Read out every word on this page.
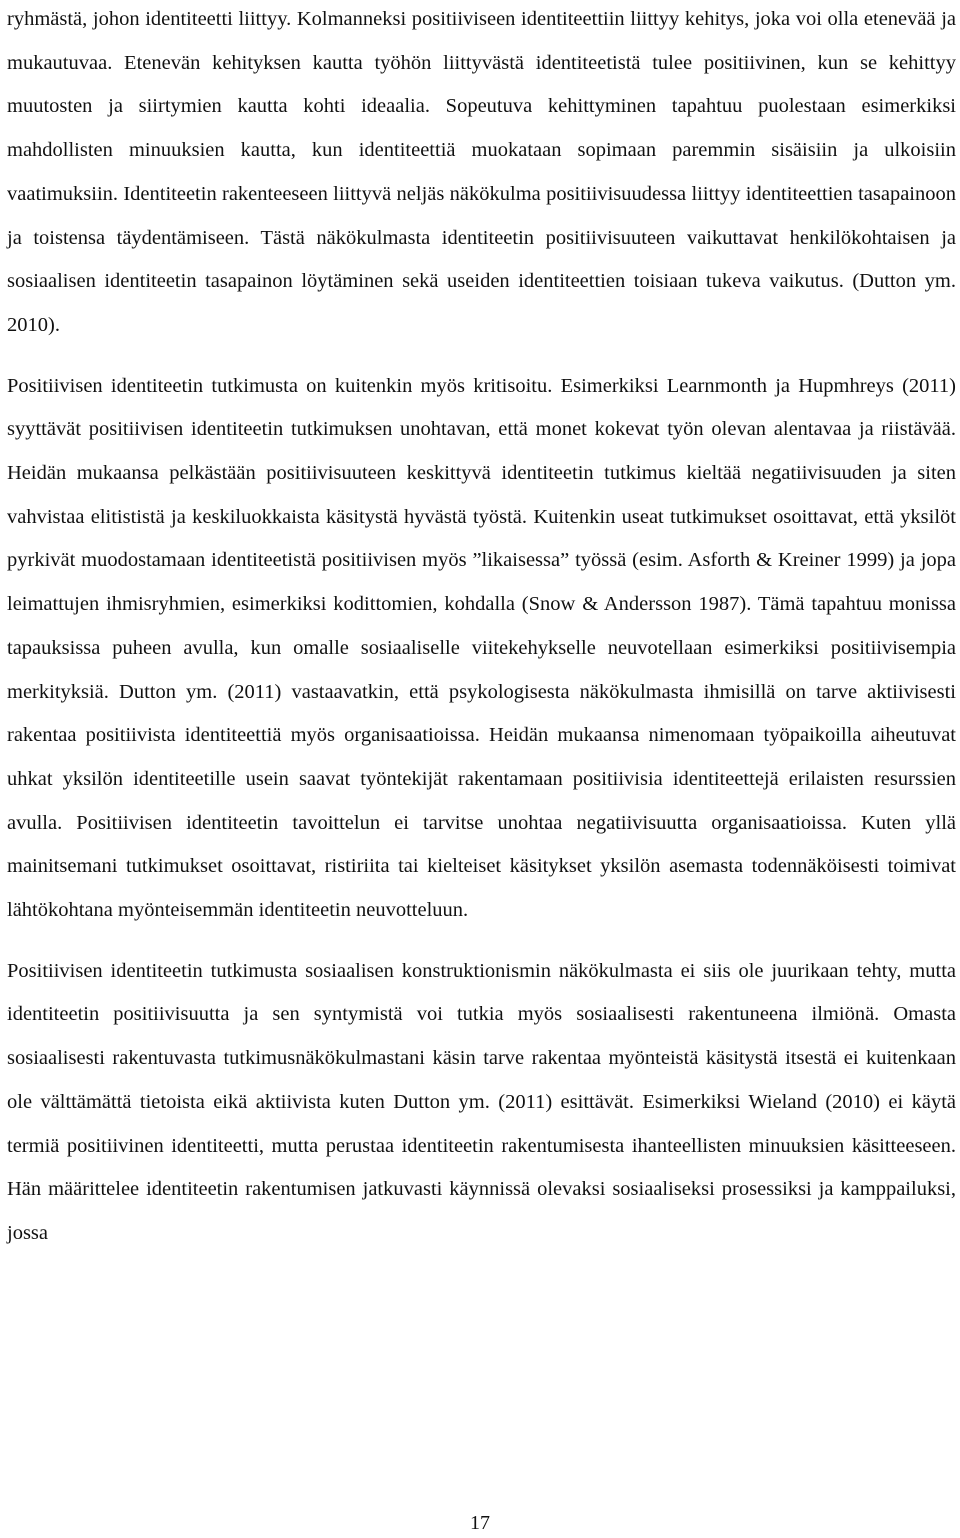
ryhmästä, johon identiteetti liittyy. Kolmanneksi positiiviseen identiteettiin liittyy kehitys, joka voi olla etenevää ja mukautuvaa. Etenevän kehityksen kautta työhön liittyvästä identiteetistä tulee positiivinen, kun se kehittyy muutosten ja siirtymien kautta kohti ideaalia. Sopeutuva kehittyminen tapahtuu puolestaan esimerkiksi mahdollisten minuuksien kautta, kun identiteettiä muokataan sopimaan paremmin sisäisiin ja ulkoisiin vaatimuksiin. Identiteetin rakenteeseen liittyvä neljäs näkökulma positiivisuudessa liittyy identiteettien tasapainoon ja toistensa täydentämiseen. Tästä näkökulmasta identiteetin positiivisuuteen vaikuttavat henkilökohtaisen ja sosiaalisen identiteetin tasapainon löytäminen sekä useiden identiteettien toisiaan tukeva vaikutus. (Dutton ym. 2010).

Positiivisen identiteetin tutkimusta on kuitenkin myös kritisoitu. Esimerkiksi Learnmonth ja Hupmhreys (2011) syyttävät positiivisen identiteetin tutkimuksen unohtavan, että monet kokevat työn olevan alentavaa ja riistävää. Heidän mukaansa pelkästään positiivisuuteen keskittyvä identiteetin tutkimus kieltää negatiivisuuden ja siten vahvistaa elitististä ja keskiluokkaista käsitystä hyvästä työstä. Kuitenkin useat tutkimukset osoittavat, että yksilöt pyrkivät muodostamaan identiteetistä positiivisen myös ”likaisessa” työssä (esim. Asforth & Kreiner 1999) ja jopa leimattujen ihmisryhmien, esimerkiksi kodittomien, kohdalla (Snow & Andersson 1987). Tämä tapahtuu monissa tapauksissa puheen avulla, kun omalle sosiaaliselle viitekehykselle neuvotellaan esimerkiksi positiivisempia merkityksiä. Dutton ym. (2011) vastaavatkin, että psykologisesta näkökulmasta ihmisillä on tarve aktiivisesti rakentaa positiivista identiteettiä myös organisaatioissa. Heidän mukaansa nimenomaan työpaikoilla aiheutuvat uhkat yksilön identiteetille usein saavat työntekijät rakentamaan positiivisia identiteettejä erilaisten resurssien avulla. Positiivisen identiteetin tavoittelun ei tarvitse unohtaa negatiivisuutta organisaatioissa. Kuten yllä mainitsemani tutkimukset osoittavat, ristiriita tai kielteiset käsitykset yksilön asemasta todennäköisesti toimivat lähtökohtana myönteisemmän identiteetin neuvotteluun.

Positiivisen identiteetin tutkimusta sosiaalisen konstruktionismin näkökulmasta ei siis ole juurikaan tehty, mutta identiteetin positiivisuutta ja sen syntymistä voi tutkia myös sosiaalisesti rakentuneena ilmiönä. Omasta sosiaalisesti rakentuvasta tutkimusnäkökulmastani käsin tarve rakentaa myönteistä käsitystä itsestä ei kuitenkaan ole välttämättä tietoista eikä aktiivista kuten Dutton ym. (2011) esittävät. Esimerkiksi Wieland (2010) ei käytä termiä positiivinen identiteetti, mutta perustaa identiteetin rakentumisesta ihanteellisten minuuksien käsitteeseen. Hän määrittelee identiteetin rakentumisen jatkuvasti käynnissä olevaksi sosiaaliseksi prosessiksi ja kamppailuksi, jossa

17
